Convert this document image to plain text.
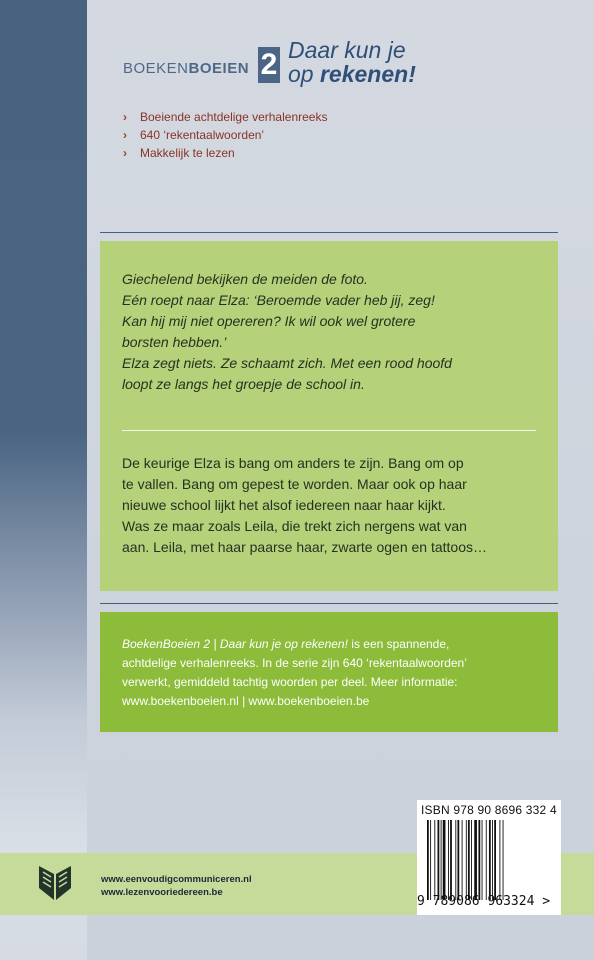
BOEKENBOEIEN 2 Daar kun je
op rekenen!
› Boeiende achtdelige verhalenreeks
› 640 ‘rekentaalwoorden’
› Makkelijk te lezen

Giechelend bekijken de meiden de foto.

Eén roept naar Elza: ‘Beroemde vader heb jij, zeg!

Kan hij mij niet opereren? Ik wil ook wel grotere

borsten hebben.’

Elza zegt niets. Ze schaamt zich. Met een rood hoofd

loopt ze langs het groepje de school in.

De keurige Elza is bang om anders te zijn. Bang om op

te vallen. Bang om gepest te worden. Maar ook op haar

nieuwe school lijkt het alsof iedereen naar haar kijkt.

Was ze maar zoals Leila, die trekt zich nergens wat van

aan. Leila, met haar paarse haar, zwarte ogen en tattoos…

BoekenBoeien 2 | Daar kun je op rekenen! is een spannende,

achtdelige verhalenreeks. In de serie zijn 640 ‘rekentaalwoorden’

verwerkt, gemiddeld tachtig woorden per deel. Meer informatie:

www.boekenboeien.nl | www.boekenboeien.be

www.eenvoudigcommuniceren.nl

www.lezenvooriedereen.be

ISBN 978 90 8696 332 4
9 789086 963324 >
